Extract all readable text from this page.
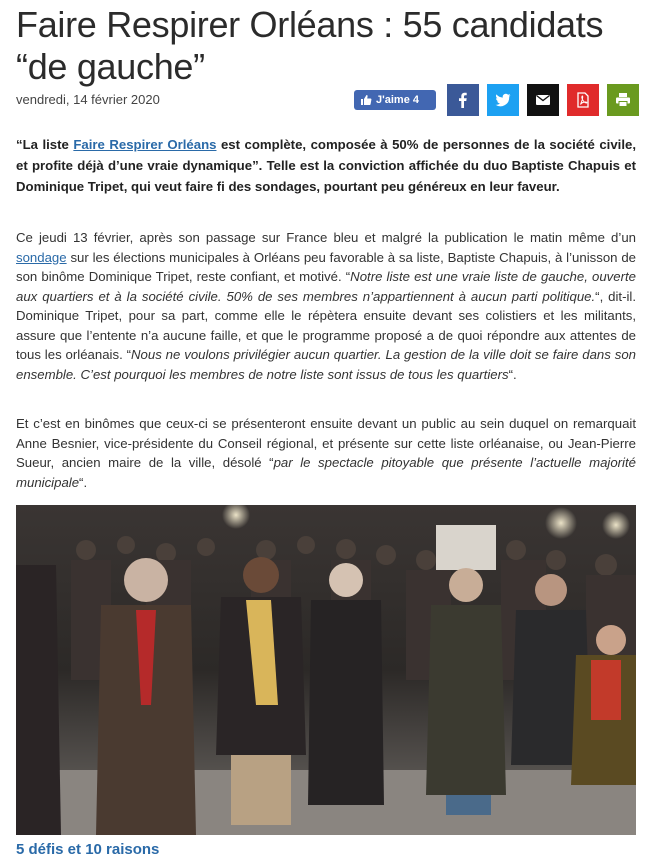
Faire Respirer Orléans : 55 candidats “de gauche”
vendredi, 14 février 2020	J'aime 4

“La liste Faire Respirer Orléans est complète, composée à 50% de personnes de la société civile, et profite déjà d’une vraie dynamique”. Telle est la conviction affichée du duo Baptiste Chapuis et Dominique Tripet, qui veut faire fi des sondages, pourtant peu généreux en leur faveur.

Ce jeudi 13 février, après son passage sur France bleu et malgré la publication le matin même d’un sondage sur les élections municipales à Orléans peu favorable à sa liste, Baptiste Chapuis, à l’unisson de son binôme Dominique Tripet, reste confiant, et motivé. “Notre liste est une vraie liste de gauche, ouverte aux quartiers et à la société civile. 50% de ses membres n’appartiennent à aucun parti politique.“, dit-il. Dominique Tripet, pour sa part, comme elle le répètera ensuite devant ses colistiers et les militants, assure que l’entente n’a aucune faille, et que le programme proposé a de quoi répondre aux attentes de tous les orléanais. “Nous ne voulons privilégier aucun quartier. La gestion de la ville doit se faire dans son ensemble. C’est pourquoi les membres de notre liste sont issus de tous les quartiers“.

Et c’est en binômes que ceux-ci se présenteront ensuite devant un public au sein duquel on remarquait Anne Besnier, vice-présidente du Conseil régional, et présente sur cette liste orléanaise, ou Jean-Pierre Sueur, ancien maire de la ville, désolé “par le spectacle pitoyable que présente l’actuelle majorité municipale“.

5 défis et 10 raisons
